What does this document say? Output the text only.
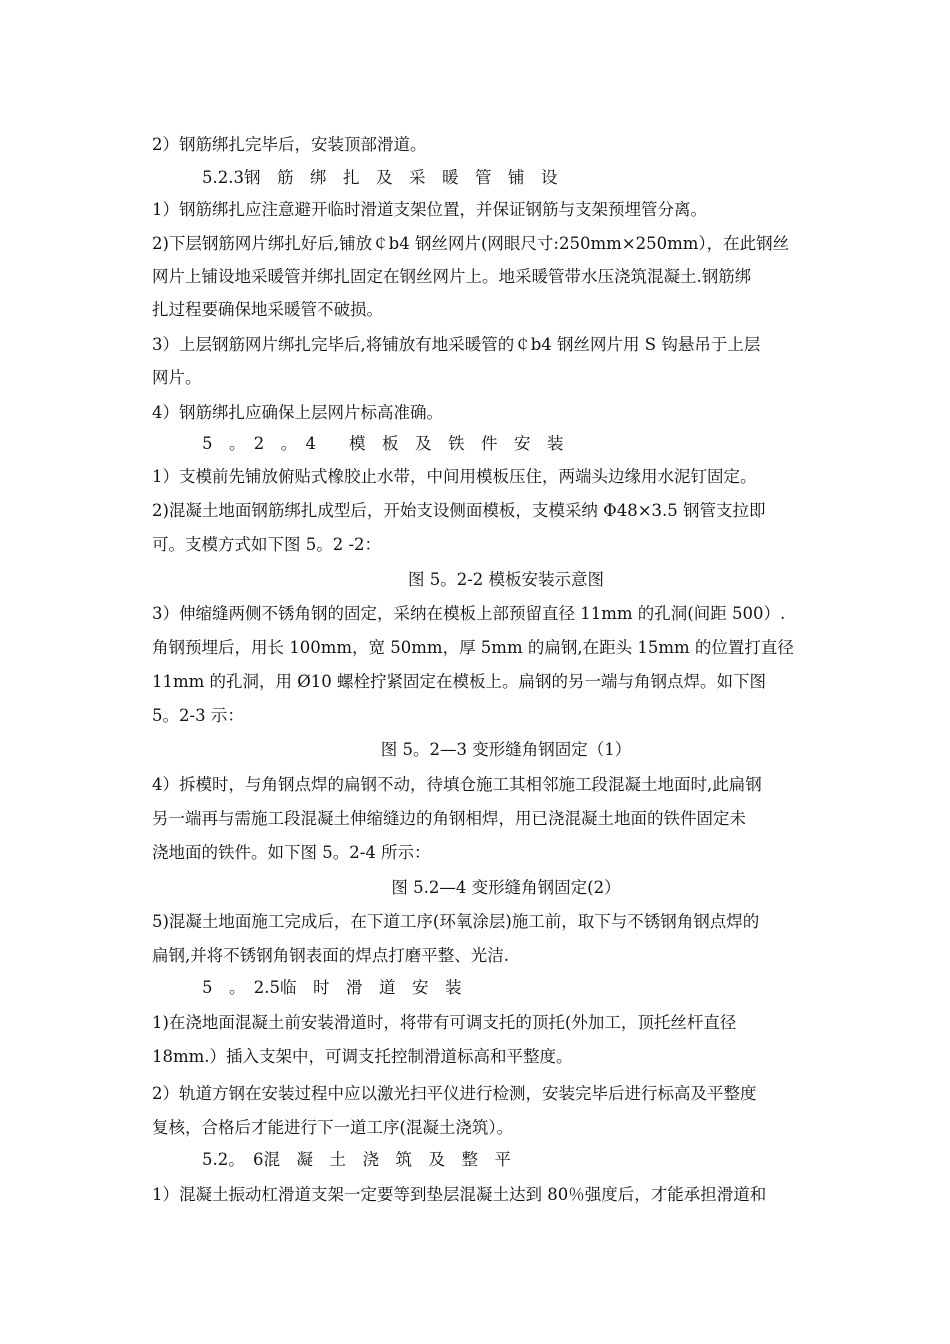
2）钢筋绑扎完毕后，安装顶部滑道。
5.2.3钢　筋　绑　扎　及　采　暖　管　铺　设
1）钢筋绑扎应注意避开临时滑道支架位置，并保证钢筋与支架预埋管分离。
2)下层钢筋网片绑扎好后,铺放￠b4 钢丝网片(网眼尺寸:250mm×250mm），在此钢丝
网片上铺设地采暖管并绑扎固定在钢丝网片上。地采暖管带水压浇筑混凝土.钢筋绑
扎过程要确保地采暖管不破损。
3）上层钢筋网片绑扎完毕后,将铺放有地采暖管的￠b4 钢丝网片用 S 钩悬吊于上层
网片。
4）钢筋绑扎应确保上层网片标高准确。
5　。　2　。　4　　模　板　及　铁　件　安　装
1）支模前先铺放俯贴式橡胶止水带，中间用模板压住，两端头边缘用水泥钉固定。
2)混凝土地面钢筋绑扎成型后，开始支设侧面模板，支模采纳 Φ48×3.5 钢管支拉即
可。支模方式如下图 5。2 -2：
图 5。2-2 模板安装示意图
3）伸缩缝两侧不锈角钢的固定，采纳在模板上部预留直径 11mm 的孔洞(间距 500）.
角钢预埋后，用长 100mm，宽 50mm，厚 5mm 的扁钢,在距头 15mm 的位置打直径
11mm 的孔洞，用 Ø10 螺栓拧紧固定在模板上。扁钢的另一端与角钢点焊。如下图
5。2-3 示：
图 5。2—3 变形缝角钢固定（1）
4）拆模时，与角钢点焊的扁钢不动，待填仓施工其相邻施工段混凝土地面时,此扁钢
另一端再与需施工段混凝土伸缩缝边的角钢相焊，用已浇混凝土地面的铁件固定未
浇地面的铁件。如下图 5。2-4 所示：
图 5.2—4 变形缝角钢固定(2）
5)混凝土地面施工完成后，在下道工序(环氧涂层)施工前，取下与不锈钢角钢点焊的
扁钢,并将不锈钢角钢表面的焊点打磨平整、光洁.
5　。　2.5临　时　滑　道　安　装
1)在浇地面混凝土前安装滑道时，将带有可调支托的顶托(外加工，顶托丝杆直径
18mm.）插入支架中，可调支托控制滑道标高和平整度。
2）轨道方钢在安装过程中应以激光扫平仪进行检测，安装完毕后进行标高及平整度
复核，合格后才能进行下一道工序(混凝土浇筑）。
5.2。　6混　凝　土　浇　筑　及　整　平
1）混凝土振动杠滑道支架一定要等到垫层混凝土达到 80％强度后，才能承担滑道和
